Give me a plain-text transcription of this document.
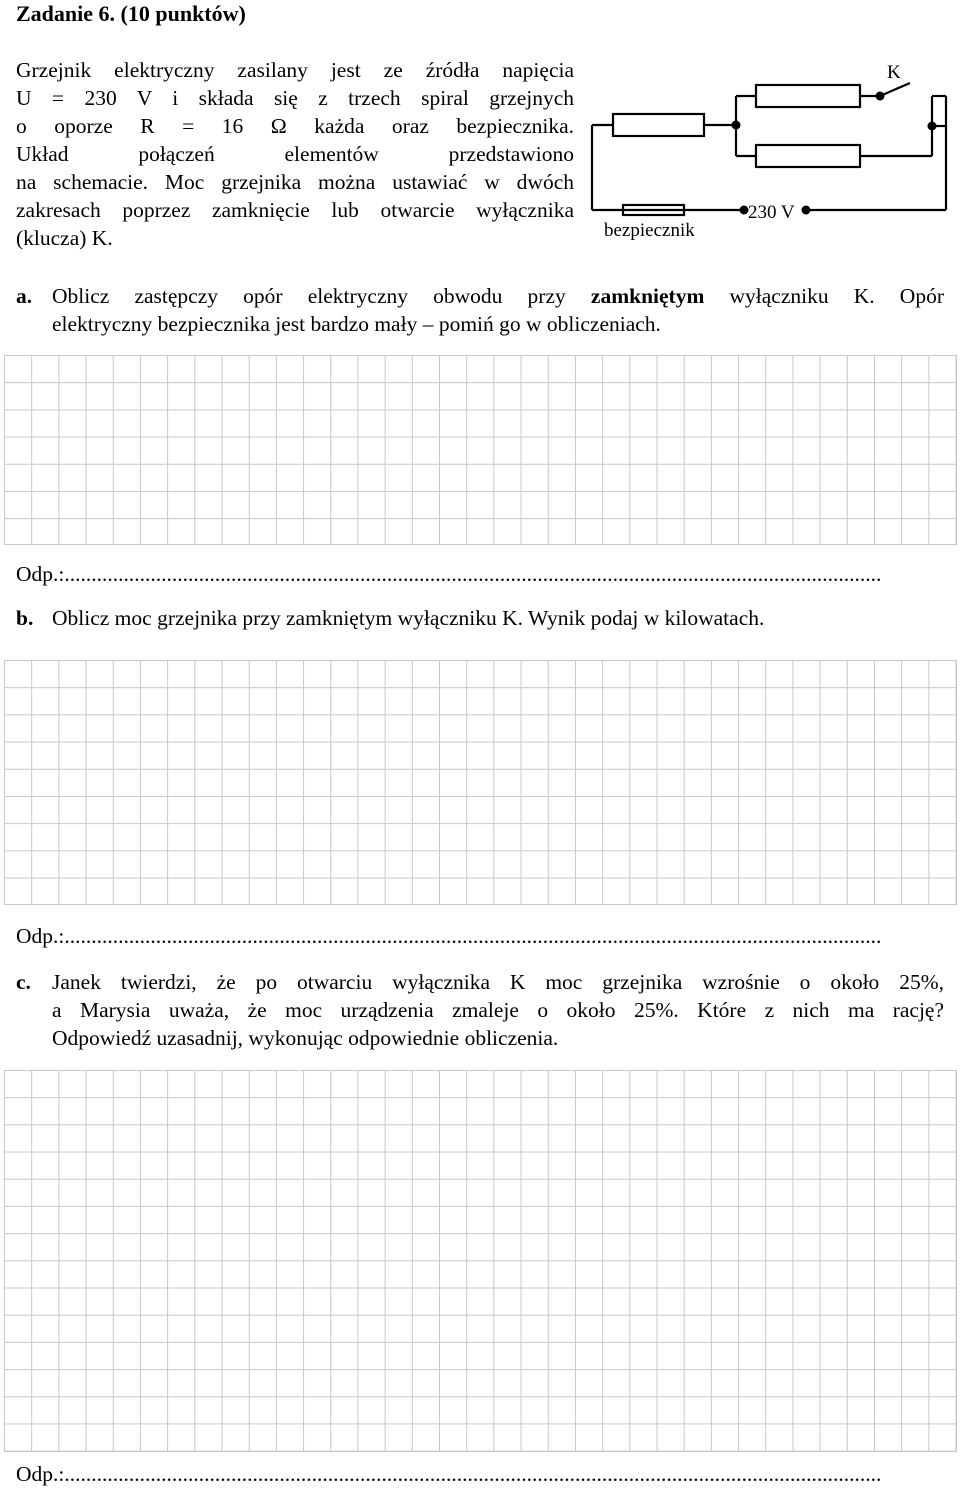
Zadanie 6. (10 punktów)
Grzejnik elektryczny zasilany jest ze źródła napięcia
U = 230 V i składa się z trzech spiral grzejnych
o oporze R = 16 Ω każda oraz bezpiecznika.
Układ połączeń elementów przedstawiono
na schemacie. Moc grzejnika można ustawiać w dwóch
zakresach poprzez zamknięcie lub otwarcie wyłącznika
(klucza) K.
K
230 V
bezpiecznik
a. Oblicz zastępczy opór elektryczny obwodu przy zamkniętym wyłączniku K. Opór
elektryczny bezpiecznika jest bardzo mały – pomiń go w obliczeniach.
Odp.:........................................................................................................................................................
b. Oblicz moc grzejnika przy zamkniętym wyłączniku K. Wynik podaj w kilowatach.
Odp.:........................................................................................................................................................
c. Janek twierdzi, że po otwarciu wyłącznika K moc grzejnika wzrośnie o około 25%,
a Marysia uważa, że moc urządzenia zmaleje o około 25%. Które z nich ma rację?
Odpowiedź uzasadnij, wykonując odpowiednie obliczenia.
Odp.:........................................................................................................................................................
